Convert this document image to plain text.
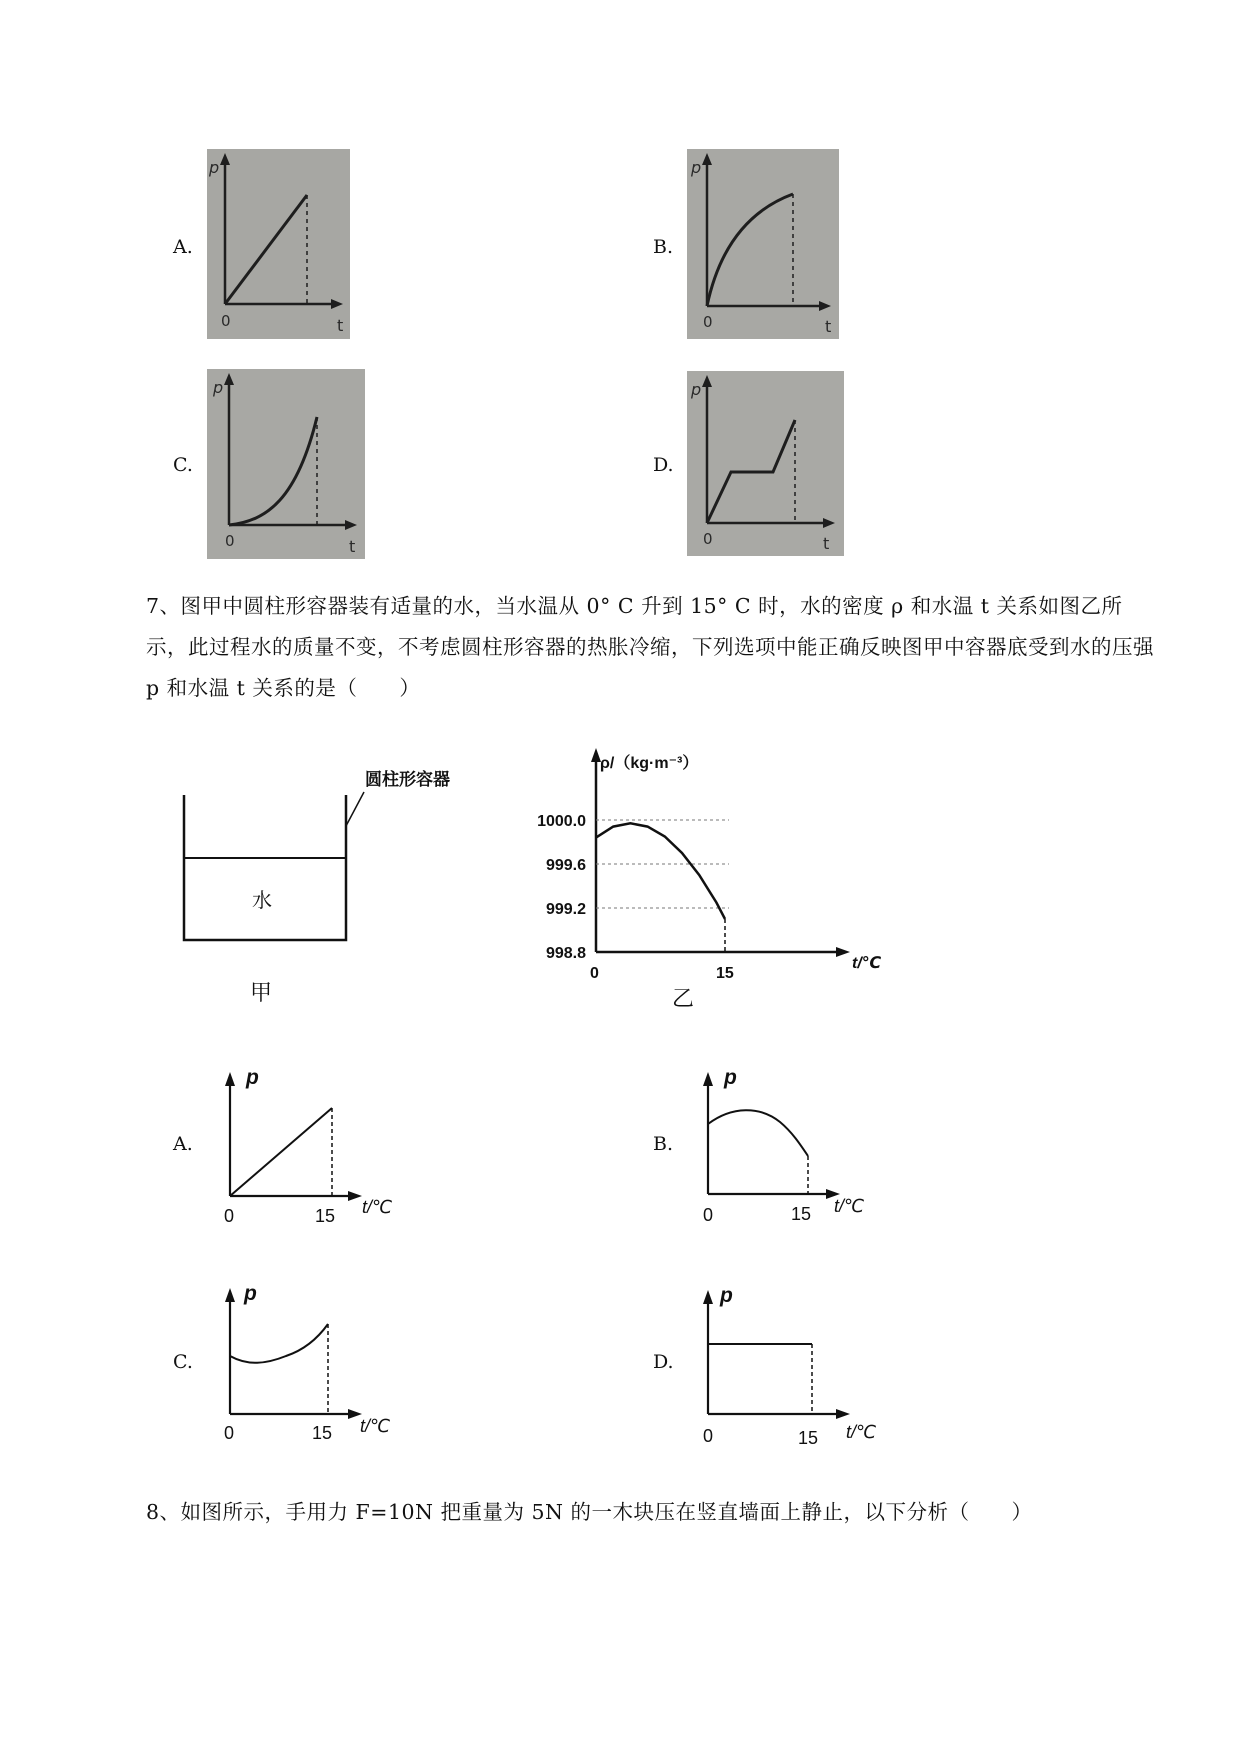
A.
p
0	t
B.
p
0	t
C.
p
0	t
D.
p
0	t
7、图甲中圆柱形容器装有适量的水，当水温从 0° C 升到 15° C 时，水的密度 ρ 和水温 t 关系如图乙所示，此过程水的质量不变，不考虑圆柱形容器的热胀冷缩，下列选项中能正确反映图甲中容器底受到水的压强 p 和水温 t 关系的是（　　）
圆柱形容器
水
甲
ρ/（kg·m⁻³）
t/℃
1000.0
999.6
999.2
998.8
0	15
乙
A.
p
0	15 t/℃
B.
p
0	15 t/℃
C.
p
0	15 t/℃
D.
p
0	15 t/℃
8、如图所示，手用力 F=10N 把重量为 5N 的一木块压在竖直墙面上静止，以下分析（　　）
